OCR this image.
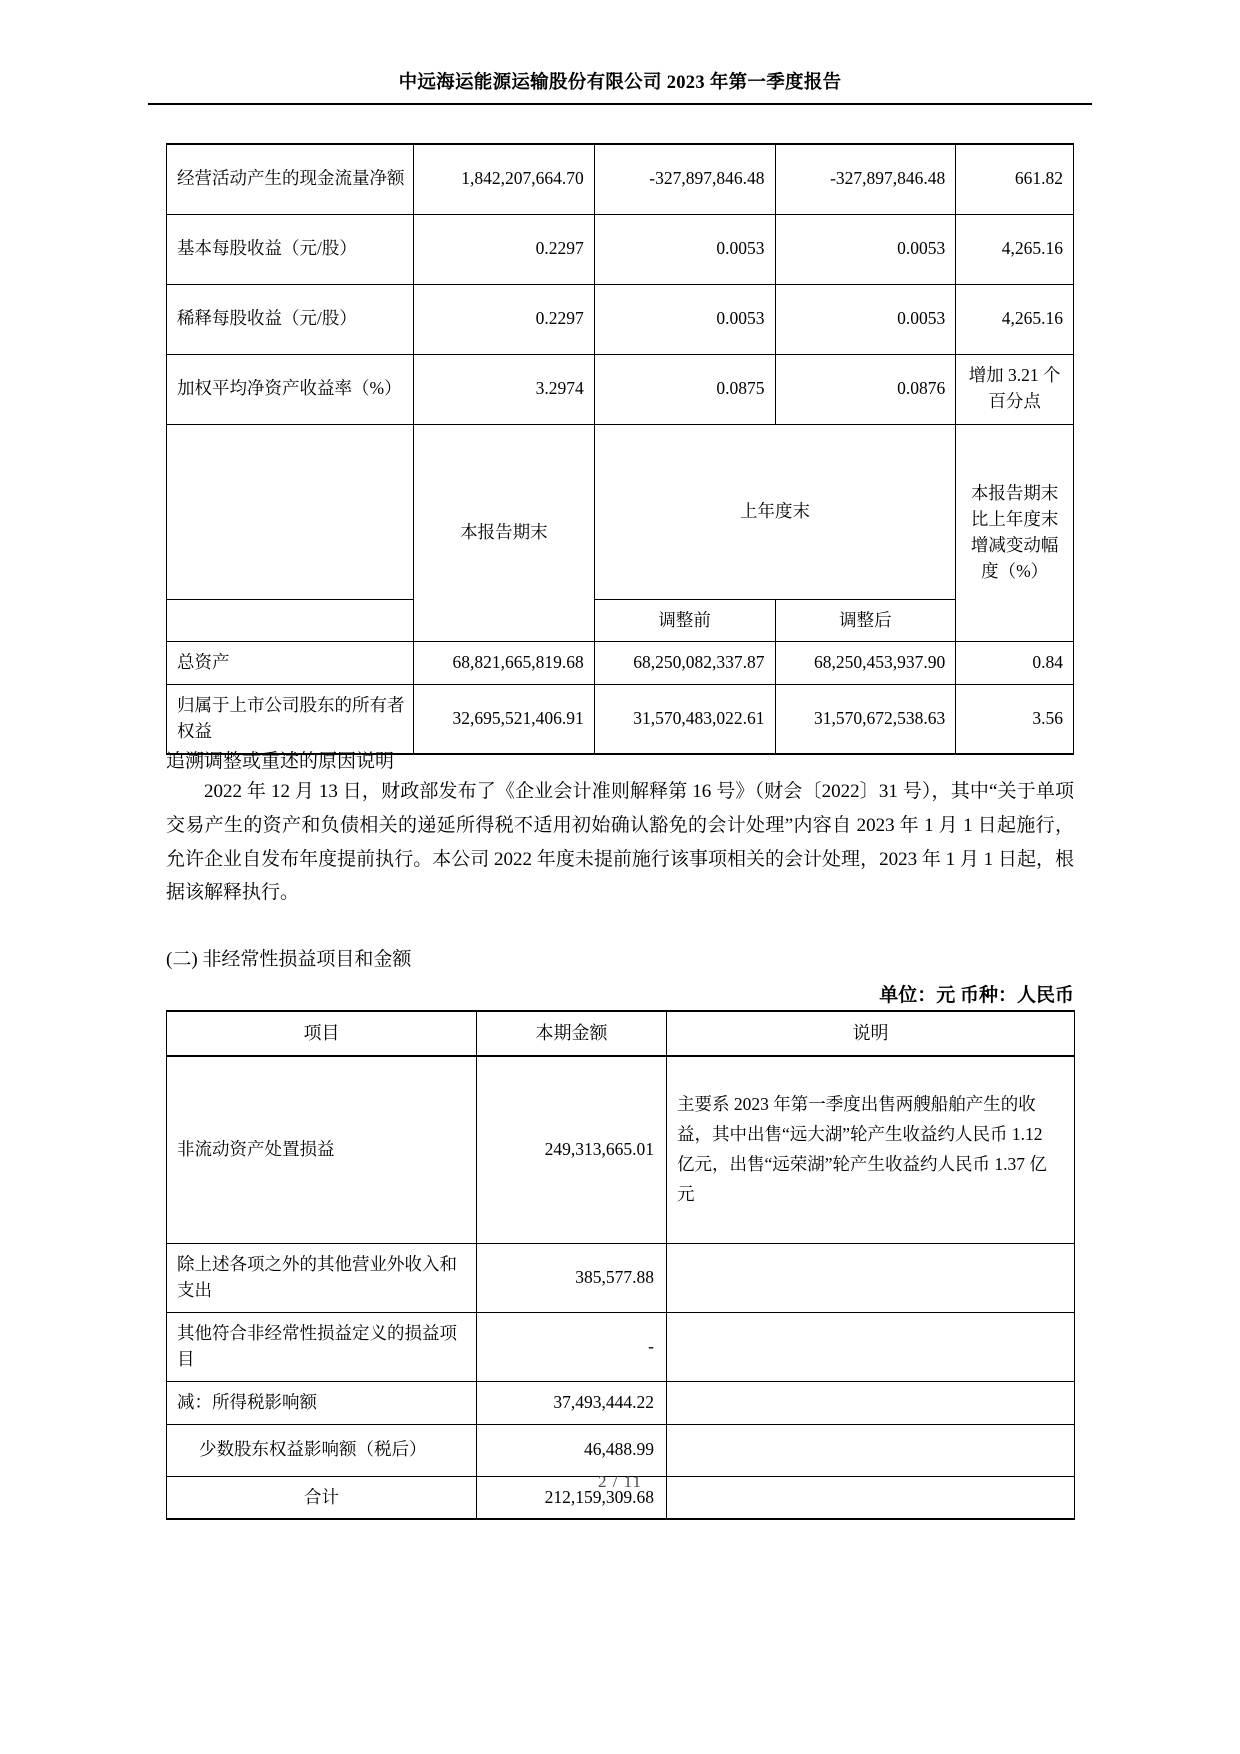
中远海运能源运输股份有限公司 2023 年第一季度报告
经营活动产生的现金流量净额	1,842,207,664.70	-327,897,846.48	-327,897,846.48	661.82
基本每股收益（元/股）	0.2297	0.0053	0.0053	4,265.16
稀释每股收益（元/股）	0.2297	0.0053	0.0053	4,265.16
加权平均净资产收益率（%）	3.2974	0.0875	0.0876	增加 3.21 个百分点
	本报告期末	上年度末		本报告期末比上年度末增减变动幅度（%）
		调整前	调整后	
总资产	68,821,665,819.68	68,250,082,337.87	68,250,453,937.90	0.84
归属于上市公司股东的所有者权益	32,695,521,406.91	31,570,483,022.61	31,570,672,538.63	3.56
追溯调整或重述的原因说明
2022 年 12 月 13 日，财政部发布了《企业会计准则解释第 16 号》（财会〔2022〕31 号），其中“关于单项交易产生的资产和负债相关的递延所得税不适用初始确认豁免的会计处理”内容自 2023 年 1 月 1 日起施行，允许企业自发布年度提前执行。本公司 2022 年度未提前施行该事项相关的会计处理，2023 年 1 月 1 日起，根据该解释执行。
(二) 非经常性损益项目和金额
单位：元 币种：人民币
项目	本期金额	说明
非流动资产处置损益	249,313,665.01	主要系 2023 年第一季度出售两艘船舶产生的收益，其中出售“远大湖”轮产生收益约人民币 1.12 亿元，出售“远荣湖”轮产生收益约人民币 1.37 亿元
除上述各项之外的其他营业外收入和支出	385,577.88	
其他符合非经常性损益定义的损益项目	-	
减：所得税影响额	37,493,444.22	
少数股东权益影响额（税后）	46,488.99	
合计	212,159,309.68	
2 / 11
